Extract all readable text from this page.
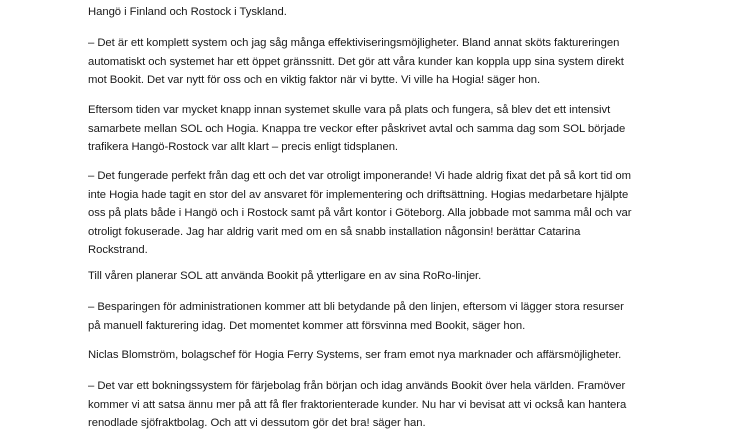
Hangö i Finland och Rostock i Tyskland.

– Det är ett komplett system och jag såg många effektiviseringsmöjligheter. Bland annat sköts faktureringen
automatiskt och systemet har ett öppet gränssnitt. Det gör att våra kunder kan koppla upp sina system direkt
mot Bookit. Det var nytt för oss och en viktig faktor när vi bytte. Vi ville ha Hogia! säger hon.

Eftersom tiden var mycket knapp innan systemet skulle vara på plats och fungera, så blev det ett intensivt
samarbete mellan SOL och Hogia. Knappa tre veckor efter påskrivet avtal och samma dag som SOL började
trafikera Hangö-Rostock var allt klart – precis enligt tidsplanen.

– Det fungerade perfekt från dag ett och det var otroligt imponerande! Vi hade aldrig fixat det på så kort tid om
inte Hogia hade tagit en stor del av ansvaret för implementering och driftsättning. Hogias medarbetare hjälpte
oss på plats både i Hangö och i Rostock samt på vårt kontor i Göteborg. Alla jobbade mot samma mål och var
otroligt fokuserade. Jag har aldrig varit med om en så snabb installation någonsin! berättar Catarina
Rockstrand.

Till våren planerar SOL att använda Bookit på ytterligare en av sina RoRo-linjer.

– Besparingen för administrationen kommer att bli betydande på den linjen, eftersom vi lägger stora resurser
på manuell fakturering idag. Det momentet kommer att försvinna med Bookit, säger hon.

Niclas Blomström, bolagschef för Hogia Ferry Systems, ser fram emot nya marknader och affärsmöjligheter.

– Det var ett bokningssystem för färjebolag från början och idag används Bookit över hela världen. Framöver
kommer vi att satsa ännu mer på att få fler fraktorienterade kunder. Nu har vi bevisat att vi också kan hantera
renodlade sjöfraktbolag. Och att vi dessutom gör det bra! säger han.
